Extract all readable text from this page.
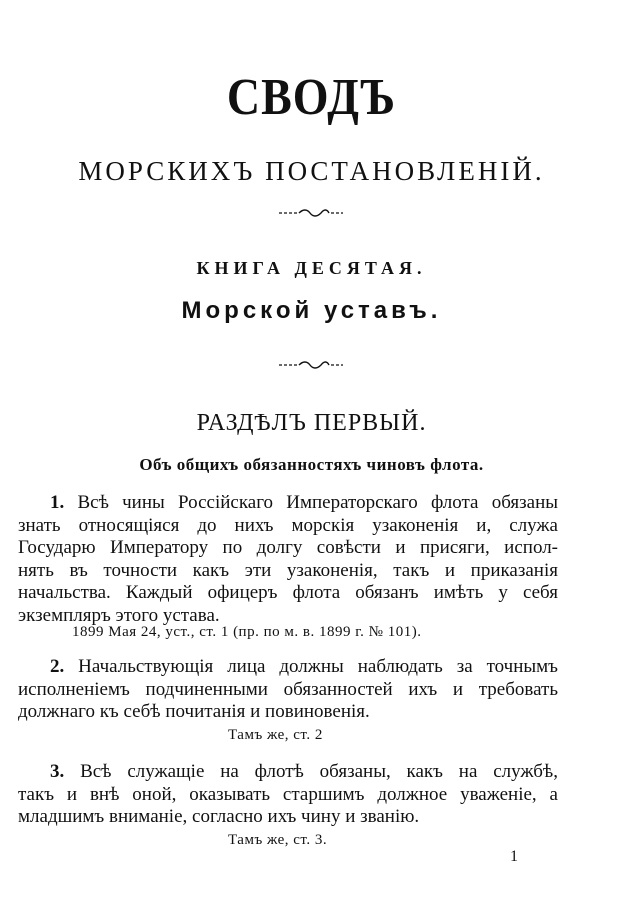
СВОДЪ
МОРСКИХЪ ПОСТАНОВЛЕНIЙ.
КНИГА ДЕСЯТАЯ.
Морской уставъ.
РАЗДѢЛЪ ПЕРВЫЙ.
Объ общихъ обязанностяхъ чиновъ флота.
1. Всѣ чины Россійскаго Императорскаго флота обязаны
знать относящіяся до нихъ морскія узаконенія и, служа
Государю Императору по долгу совѣсти и присяги, испол-
нять въ точности какъ эти узаконенія, такъ и приказанія
начальства. Каждый офицеръ флота обязанъ имѣть у себя
экземпляръ этого устава.
1899 Мая 24, уст., ст. 1 (пр. по м. в. 1899 г. № 101).
2. Начальствующія лица должны наблюдать за точнымъ
исполненіемъ подчиненными обязанностей ихъ и требовать
должнаго къ себѣ почитанія и повиновенія.
Тамъ же, ст. 2
3. Всѣ служащіе на флотѣ обязаны, какъ на службѣ,
такъ и внѣ оной, оказывать старшимъ должное уваженіе, а
младшимъ вниманіе, согласно ихъ чину и званію.
Тамъ же, ст. 3.
1
